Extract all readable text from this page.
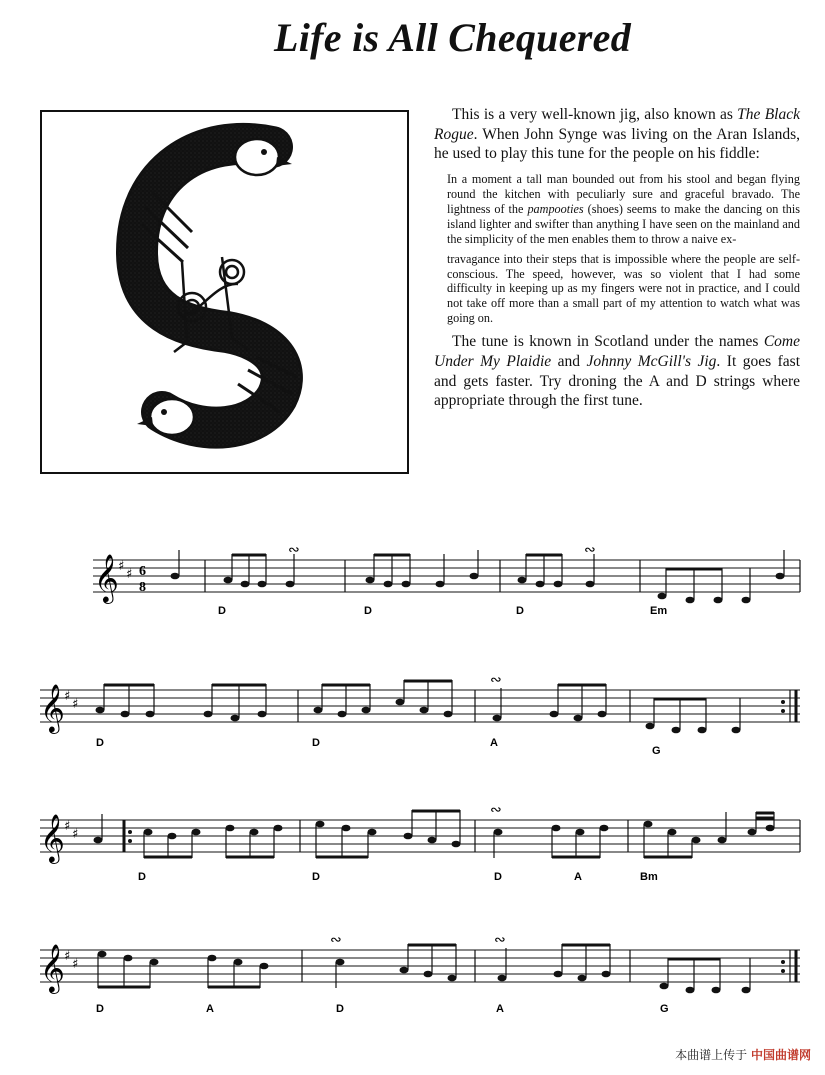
Life is All Chequered

This is a very well-known jig, also known as The Black Rogue. When John Synge was living on the Aran Islands, he used to play this tune for the people on his fiddle:

In a moment a tall man bounded out from his stool and began flying round the kitchen with peculiarly sure and graceful bravado. The lightness of the pampooties (shoes) seems to make the dancing on this island lighter and swifter than anything I have seen on the mainland and the simplicity of the men enables them to throw a naive ex-

travagance into their steps that is impossible where the people are self-conscious. The speed, however, was so violent that I had some difficulty in keeping up as my fingers were not in practice, and I could not take off more than a small part of my attention to watch what was going on.

The tune is known in Scotland under the names Come Under My Plaidie and Johnny McGill's Jig. It goes fast and gets faster. Try droning the A and D strings where appropriate through the first tune.

𝄞 ♯
♯ 6
8
∾	∾
D	D	D	Em
𝄞 ♯
♯
∾
D	D	A
G
𝄞 ♯
♯
∾
D	D	D	A	Bm
𝄞 ♯
♯
∾	∾
D	A	D	A	G
本曲谱上传于 中国曲谱网
